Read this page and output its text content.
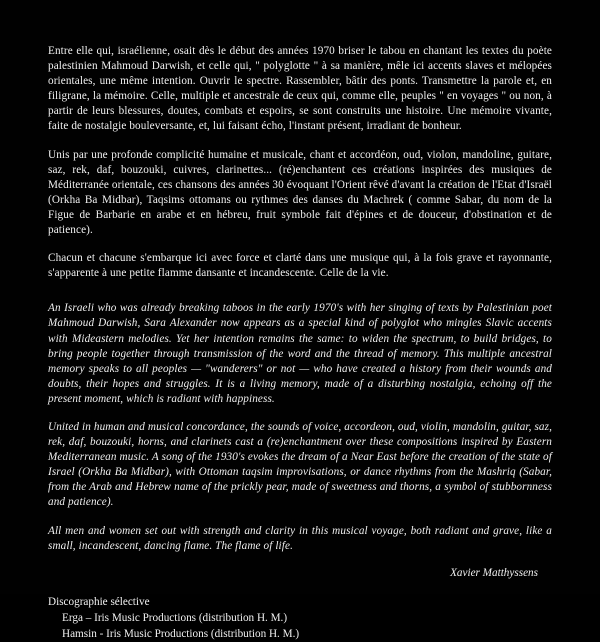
Entre elle qui, israélienne, osait dès le début des années 1970 briser le tabou en chantant les textes du poète palestinien Mahmoud Darwish, et celle qui, " polyglotte " à sa manière, mêle ici accents slaves et mélopées orientales, une même intention. Ouvrir le spectre. Rassembler, bâtir des ponts. Transmettre la parole et, en filigrane, la mémoire. Celle, multiple et ancestrale de ceux qui, comme elle, peuples " en voyages " ou non, à partir de leurs blessures, doutes, combats et espoirs, se sont construits une histoire. Une mémoire vivante, faite de nostalgie bouleversante, et, lui faisant écho, l'instant présent, irradiant de bonheur.

Unis par une profonde complicité humaine et musicale, chant et accordéon, oud, violon, mandoline, guitare, saz, rek, daf, bouzouki, cuivres, clarinettes... (ré)enchantent ces créations inspirées des musiques de Méditerranée orientale, ces chansons des années 30 évoquant l'Orient rêvé d'avant la création de l'Etat d'Israël (Orkha Ba Midbar), Taqsims ottomans ou rythmes des danses du Machrek ( comme Sabar, du nom de la Figue de Barbarie en arabe et en hébreu, fruit symbole fait d'épines et de douceur, d'obstination et de patience).

Chacun et chacune s'embarque ici avec force et clarté dans une musique qui, à la fois grave et rayonnante, s'apparente à une petite flamme dansante et incandescente. Celle de la vie.

An Israeli who was already breaking taboos in the early 1970's with her singing of texts by Palestinian poet Mahmoud Darwish, Sara Alexander now appears as a special kind of polyglot who mingles Slavic accents with Mideastern melodies. Yet her intention remains the same: to widen the spectrum, to build bridges, to bring people together through transmission of the word and the thread of memory. This multiple ancestral memory speaks to all peoples — "wanderers" or not — who have created a history from their wounds and doubts, their hopes and struggles. It is a living memory, made of a disturbing nostalgia, echoing off the present moment, which is radiant with happiness.

United in human and musical concordance, the sounds of voice, accordeon, oud, violin, mandolin, guitar, saz, rek, daf, bouzouki, horns, and clarinets cast a (re)enchantment over these compositions inspired by Eastern Mediterranean music. A song of the 1930's evokes the dream of a Near East before the creation of the state of Israel (Orkha Ba Midbar), with Ottoman taqsim improvisations, or dance rhythms from the Mashriq (Sabar, from the Arab and Hebrew name of the prickly pear, made of sweetness and thorns, a symbol of stubbornness and patience).

All men and women set out with strength and clarity in this musical voyage, both radiant and grave, like a small, incandescent, dancing flame. The flame of life.

Xavier Matthyssens
Discographie sélective
Erga – Iris Music Productions (distribution H. M.)
Hamsin - Iris Music Productions (distribution H. M.)
